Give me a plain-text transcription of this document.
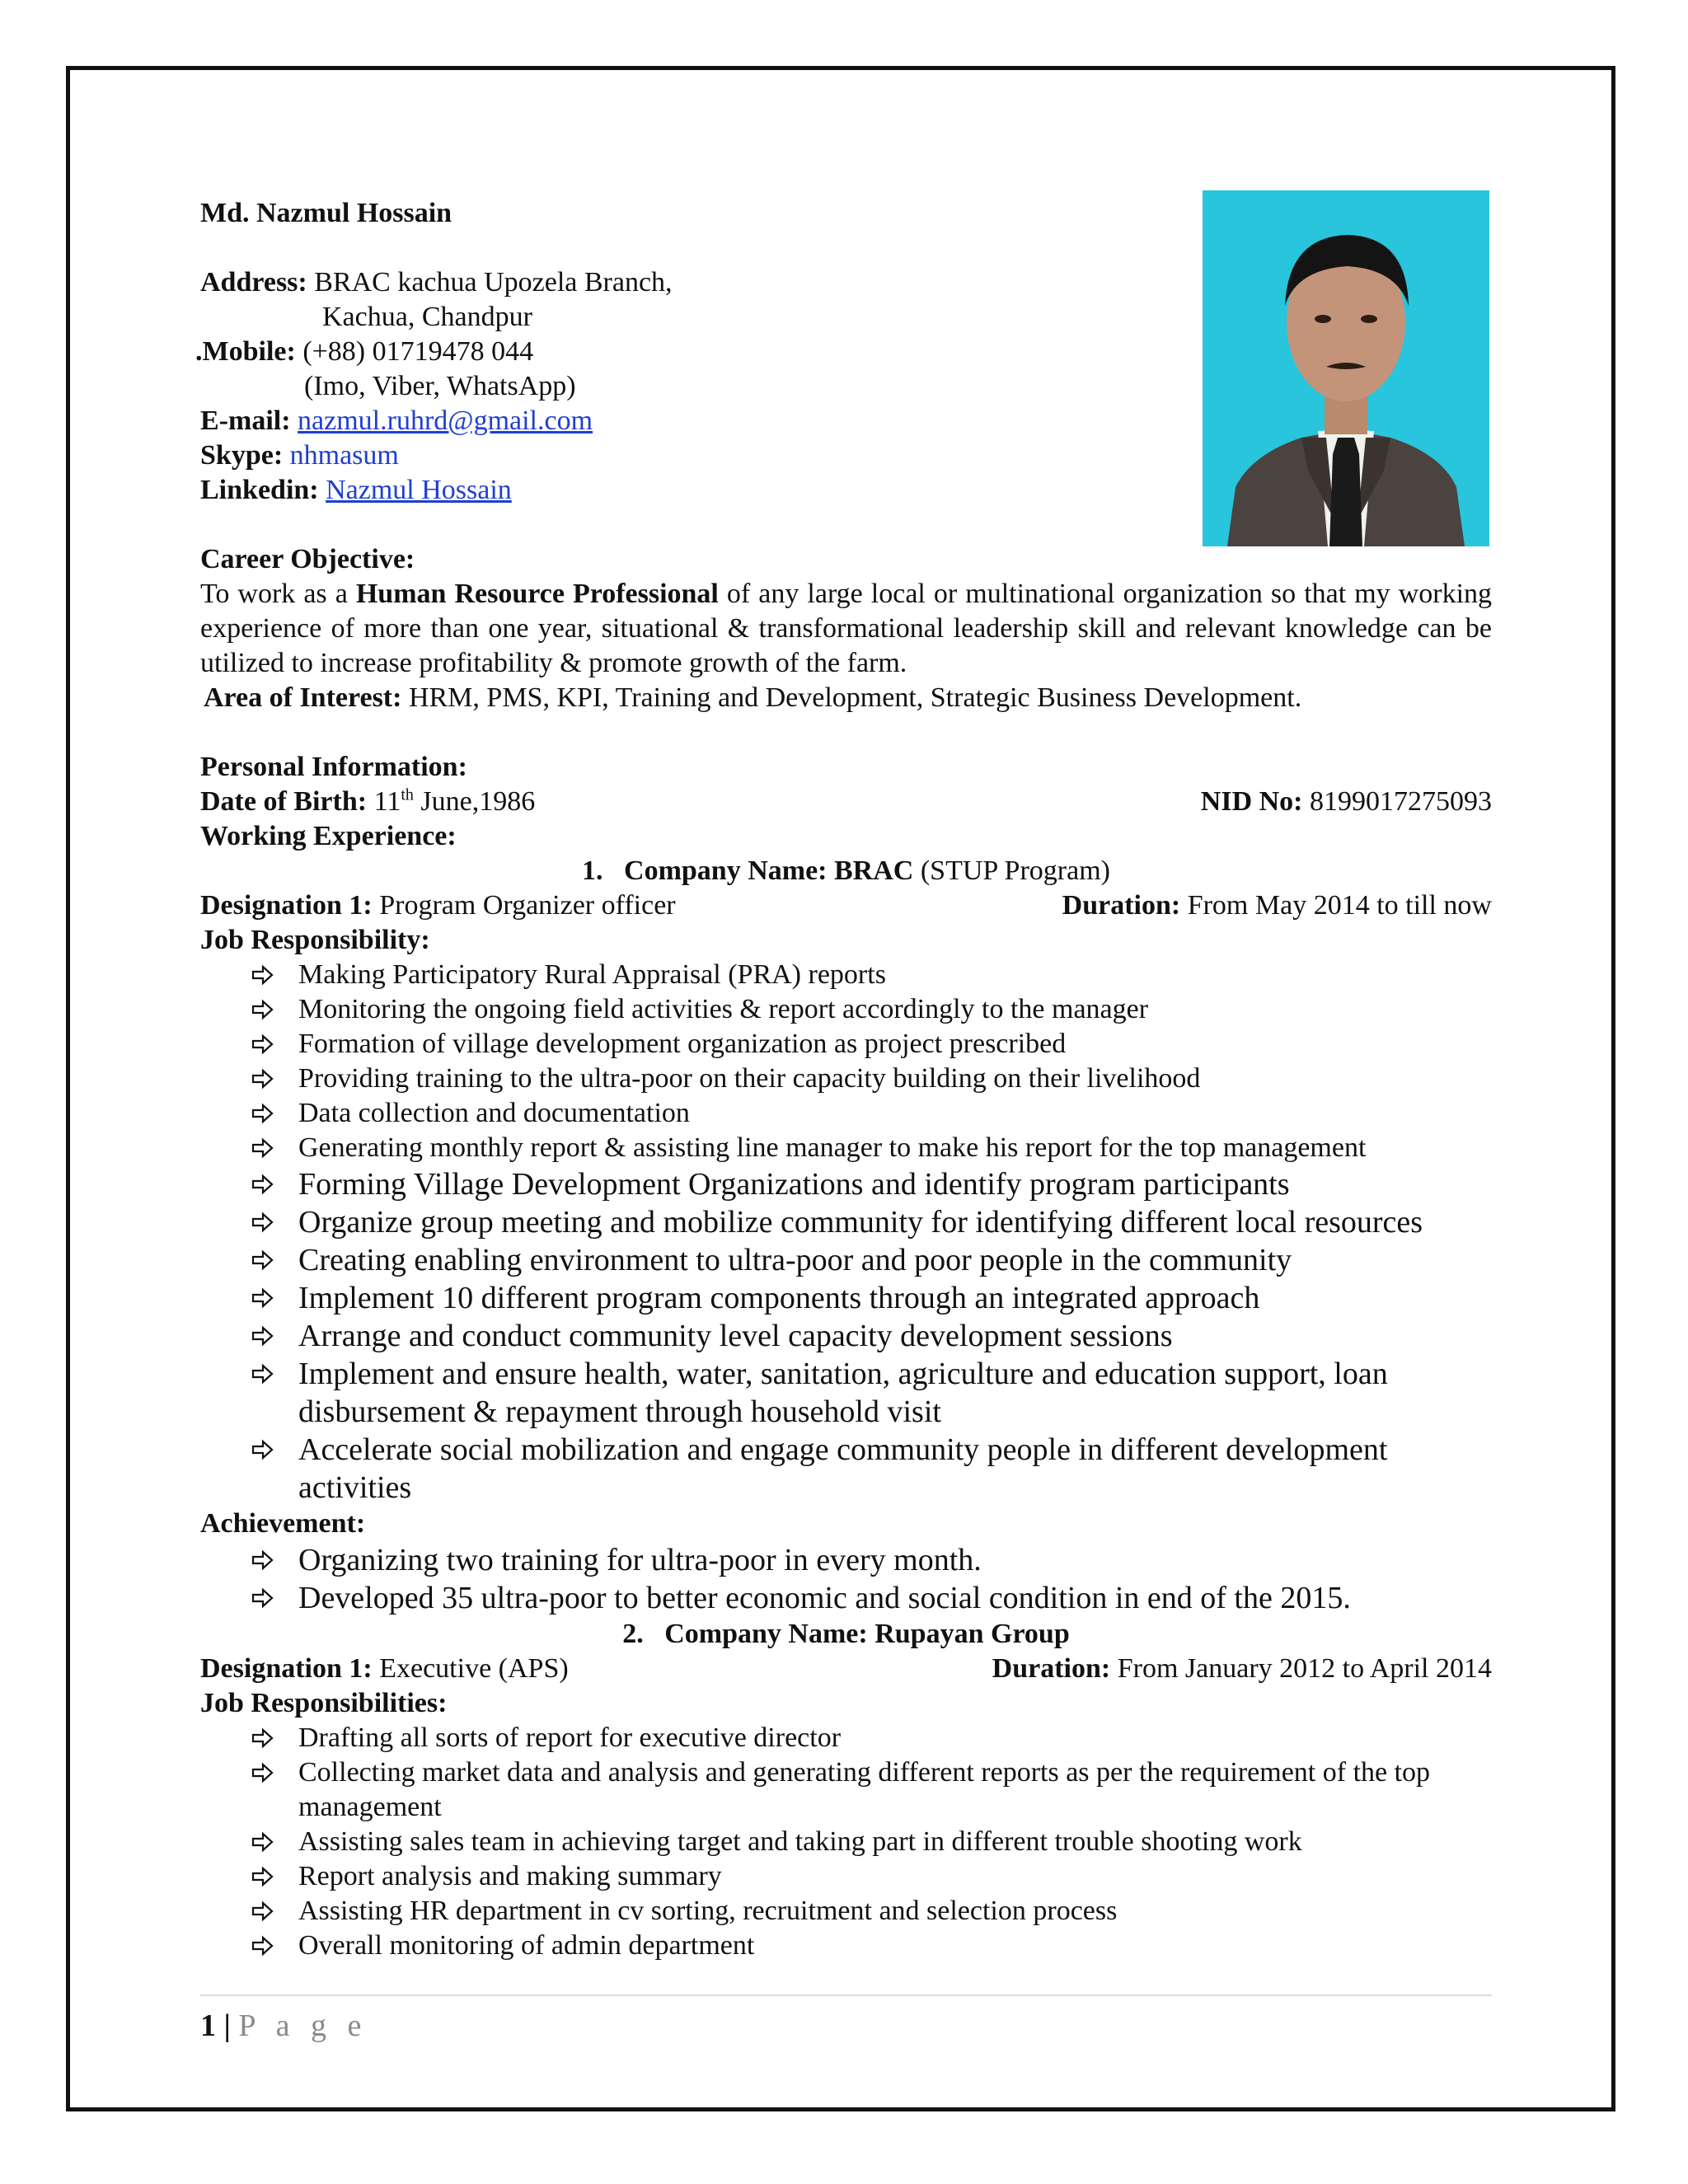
Md. Nazmul Hossain
Address: BRAC kachua Upozela Branch,
Kachua, Chandpur
.Mobile: (+88) 01719478 044
(Imo, Viber, WhatsApp)
E-mail: nazmul.ruhrd@gmail.com
Skype: nhmasum
Linkedin: Nazmul Hossain
Career Objective:
To work as a Human Resource Professional of any large local or multinational organization so that my working experience of more than one year, situational & transformational leadership skill and relevant knowledge can be utilized to increase profitability & promote growth of the farm.
Area of Interest: HRM, PMS, KPI, Training and Development, Strategic Business Development.
Personal Information:
Date of Birth: 11th June,1986	NID No: 8199017275093
Working Experience:
1. Company Name: BRAC (STUP Program)
Designation 1: Program Organizer officer	Duration: From May 2014 to till now
Job Responsibility:
Making Participatory Rural Appraisal (PRA) reports
Monitoring the ongoing field activities & report accordingly to the manager
Formation of village development organization as project prescribed
Providing training to the ultra-poor on their capacity building on their livelihood
Data collection and documentation
Generating monthly report & assisting line manager to make his report for the top management
Forming Village Development Organizations and identify program participants
Organize group meeting and mobilize community for identifying different local resources
Creating enabling environment to ultra-poor and poor people in the community
Implement 10 different program components through an integrated approach
Arrange and conduct community level capacity development sessions
Implement and ensure health, water, sanitation, agriculture and education support, loan disbursement & repayment through household visit
Accelerate social mobilization and engage community people in different development activities
Achievement:
Organizing two training for ultra-poor in every month.
Developed 35 ultra-poor to better economic and social condition in end of the 2015.
2. Company Name: Rupayan Group
Designation 1: Executive (APS)	Duration: From January 2012 to April 2014
Job Responsibilities:
Drafting all sorts of report for executive director
Collecting market data and analysis and generating different reports as per the requirement of the top management
Assisting sales team in achieving target and taking part in different trouble shooting work
Report analysis and making summary
Assisting HR department in cv sorting, recruitment and selection process
Overall monitoring of admin department
1 | P a g e
